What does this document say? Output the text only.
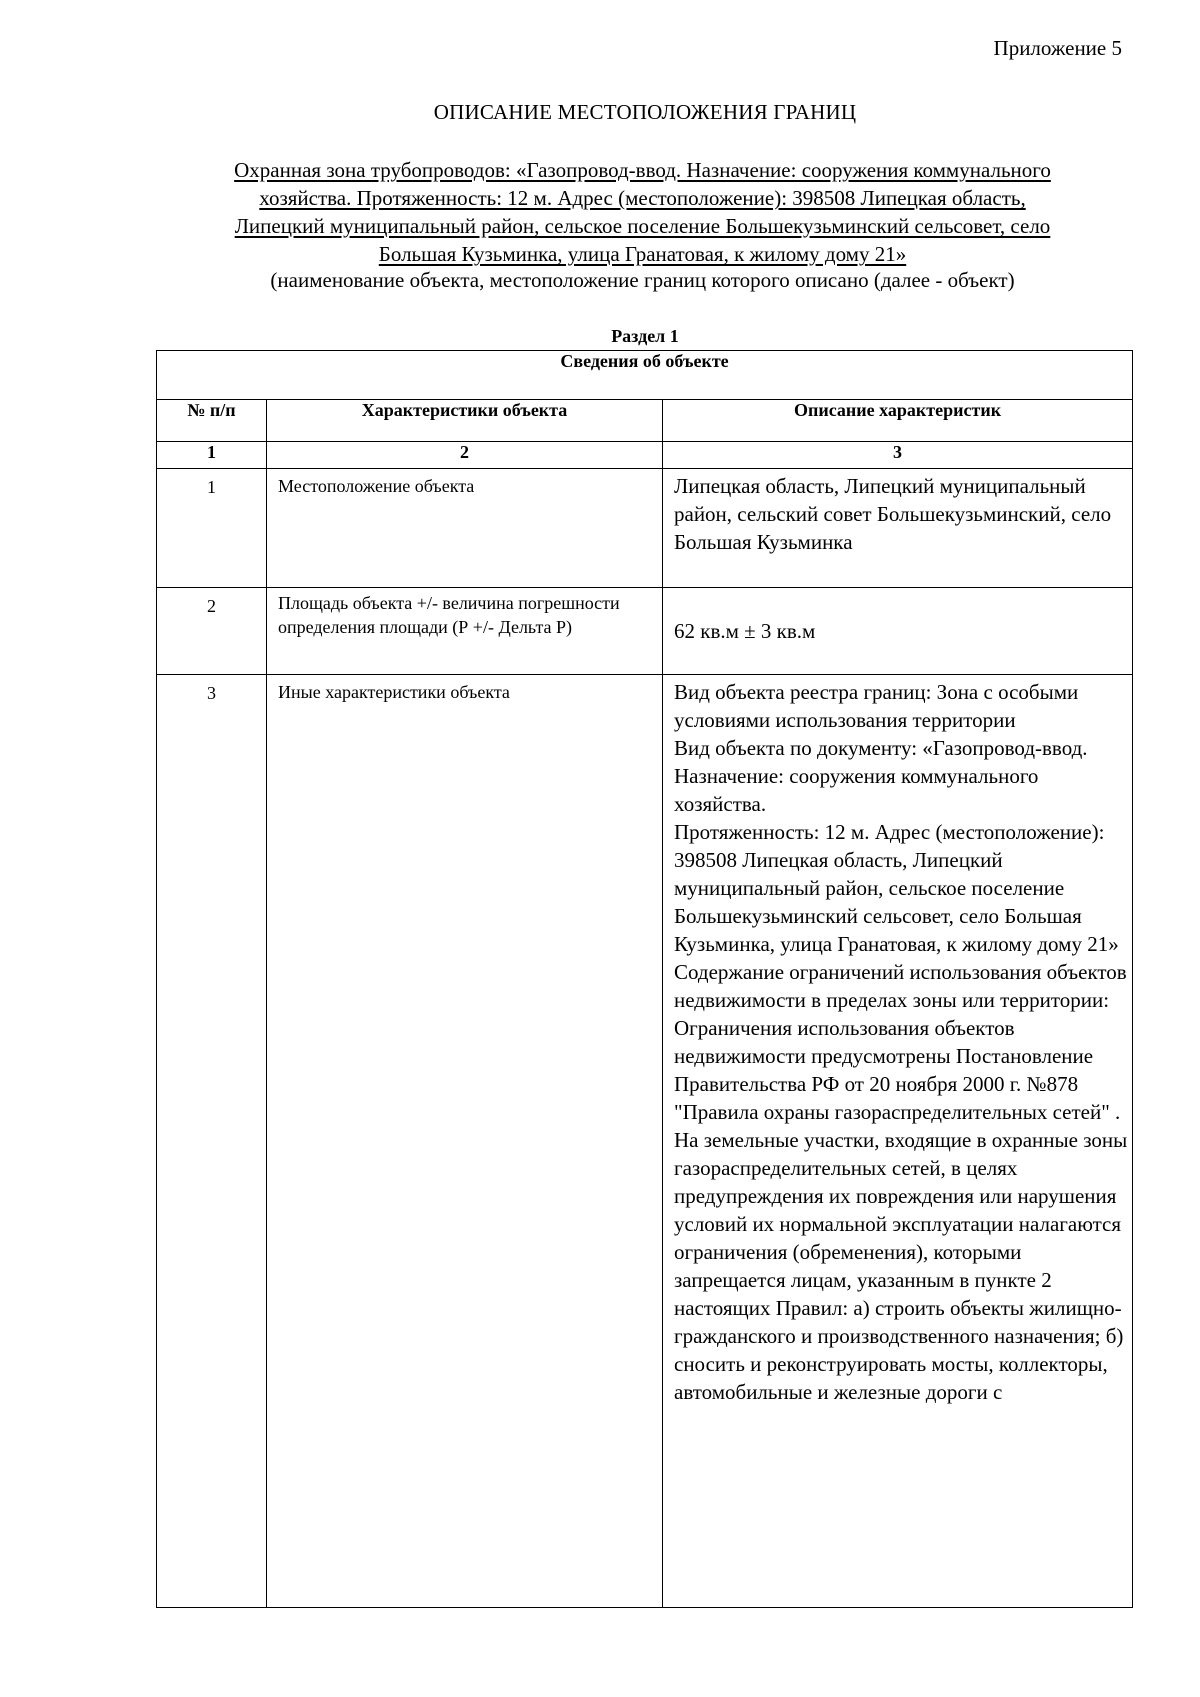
Приложение 5
ОПИСАНИЕ МЕСТОПОЛОЖЕНИЯ ГРАНИЦ
Охранная зона трубопроводов: «Газопровод-ввод. Назначение: сооружения коммунального
хозяйства. Протяженность: 12 м. Адрес (местоположение): 398508 Липецкая область,
Липецкий муниципальный район, сельское поселение Большекузьминский сельсовет, село
Большая Кузьминка, улица Гранатовая, к жилому дому 21»
(наименование объекта, местоположение границ которого описано (далее - объект)
Раздел 1
Сведения об объекте		
№ п/п	Характеристики объекта	Описание характеристик
1	2	3
1	Местоположение объекта	Липецкая область, Липецкий муниципальный район, сельский совет Большекузьминский, село Большая Кузьминка
2	Площадь объекта +/- величина погрешности определения площади (Р +/- Дельта Р)	62 кв.м ± 3 кв.м
3	Иные характеристики объекта	Вид объекта реестра границ: Зона с особыми условиями использования территории
Вид объекта по документу: «Газопровод-ввод. Назначение: сооружения коммунального хозяйства.
Протяженность: 12 м. Адрес (местоположение): 398508 Липецкая область, Липецкий муниципальный район, сельское поселение Большекузьминский сельсовет, село Большая Кузьминка, улица Гранатовая, к жилому дому 21»
Содержание ограничений использования объектов недвижимости в пределах зоны или территории: Ограничения использования объектов недвижимости предусмотрены Постановление Правительства РФ от 20 ноября 2000 г. №878 "Правила охраны газораспределительных сетей" . На земельные участки, входящие в охранные зоны газораспределительных сетей, в целях предупреждения их повреждения или нарушения условий их нормальной эксплуатации налагаются ограничения (обременения), которыми запрещается лицам, указанным в пункте 2 настоящих Правил: а) строить объекты жилищно-гражданского и производственного назначения; б) сносить и реконструировать мосты, коллекторы, автомобильные и железные дороги с
